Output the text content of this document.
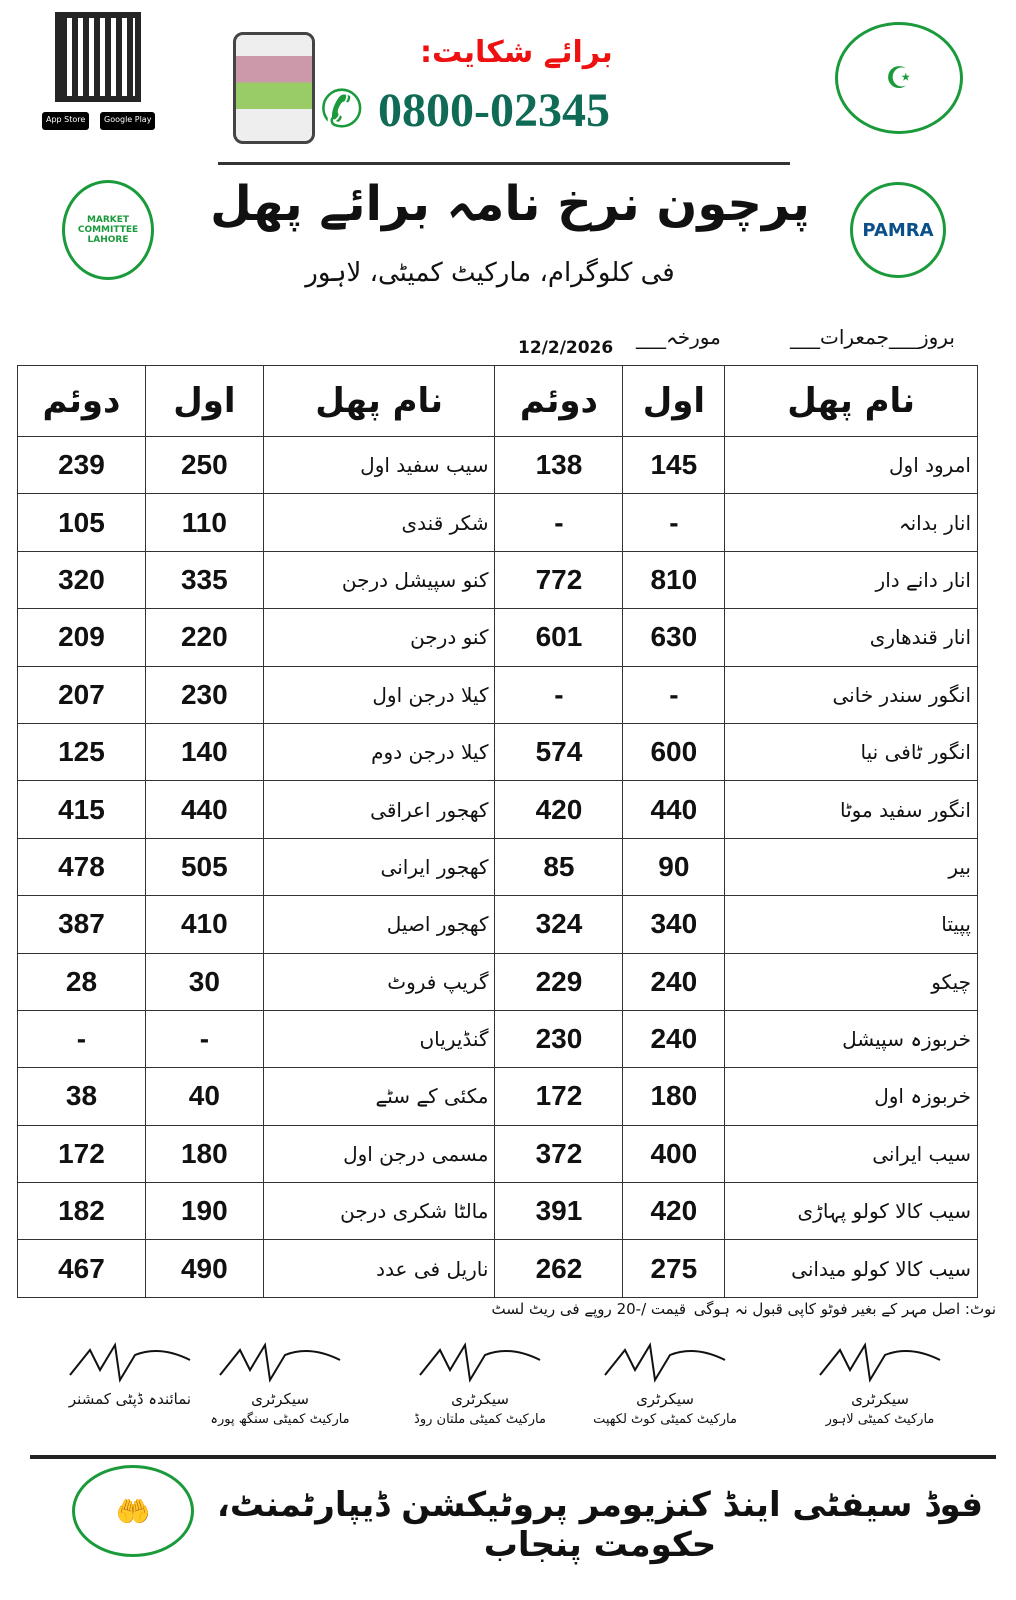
App Store	Google Play
برائے شکایت:
✆ 0800-02345
☪
MARKET COMMITTEE LAHORE	PAMRA
پرچون نرخ نامہ برائے پھل
فی کلوگرام، مارکیٹ کمیٹی، لاہور
بروز___جمعرات___
مورخہ___
12/2/2026
دوئم	اول	نام پھل	دوئم	اول	نام پھل
239	250	سیب سفید اول	138	145	امرود اول
105	110	شکر قندی	-	-	انار بدانہ
320	335	کنو سپیشل درجن	772	810	انار دانے دار
209	220	کنو درجن	601	630	انار قندھاری
207	230	کیلا درجن اول	-	-	انگور سندر خانی
125	140	کیلا درجن دوم	574	600	انگور ٹافی نیا
415	440	کھجور اعراقی	420	440	انگور سفید موٹا
478	505	کھجور ایرانی	85	90	بیر
387	410	کھجور اصیل	324	340	پپیتا
28	30	گریپ فروٹ	229	240	چیکو
-	-	گنڈیریاں	230	240	خربوزہ سپیشل
38	40	مکئی کے سٹے	172	180	خربوزہ اول
172	180	مسمی درجن اول	372	400	سیب ایرانی
182	190	مالٹا شکری درجن	391	420	سیب کالا کولو پہاڑی
467	490	ناریل فی عدد	262	275	سیب کالا کولو میدانی
نوٹ: اصل مہر کے بغیر فوٹو کاپی قبول نہ ہوگی
قیمت /-20 روپے فی ریٹ لسٹ
سیکرٹری
مارکیٹ کمیٹی لاہور
سیکرٹری
مارکیٹ کمیٹی کوٹ لکھپت
سیکرٹری
مارکیٹ کمیٹی ملتان روڈ
سیکرٹری
مارکیٹ کمیٹی سنگھ پورہ
نمائندہ ڈپٹی کمشنر
🤲	فوڈ سیفٹی اینڈ کنزیومر پروٹیکشن ڈیپارٹمنٹ، حکومت پنجاب
